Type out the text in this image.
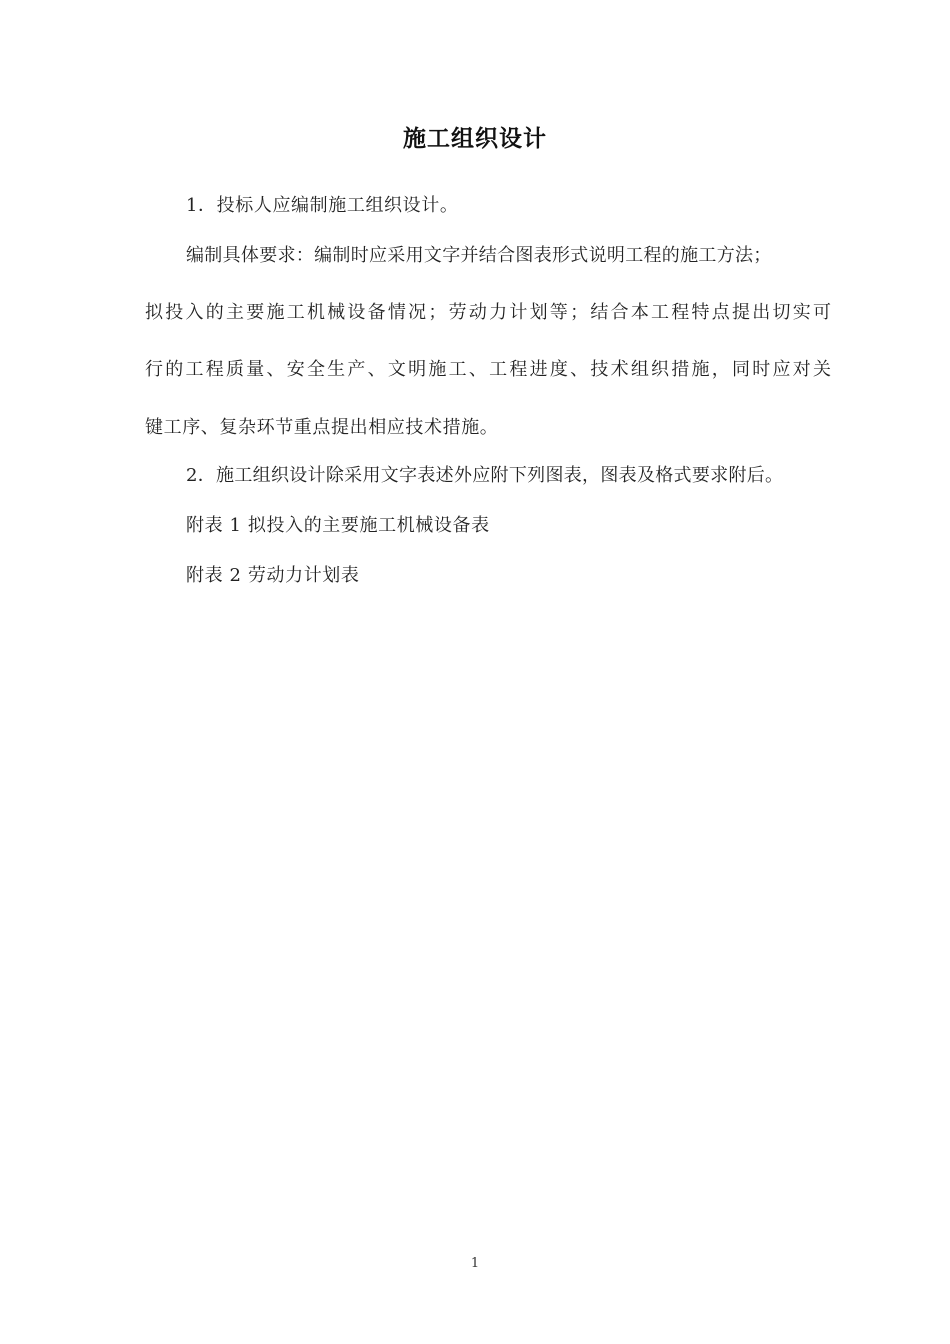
施工组织设计
1．投标人应编制施工组织设计。
编制具体要求：编制时应采用文字并结合图表形式说明工程的施工方法；
拟投入的主要施工机械设备情况；劳动力计划等；结合本工程特点提出切实可
行的工程质量、安全生产、文明施工、工程进度、技术组织措施，同时应对关
键工序、复杂环节重点提出相应技术措施。
2．施工组织设计除采用文字表述外应附下列图表，图表及格式要求附后。
附表 1 拟投入的主要施工机械设备表
附表 2 劳动力计划表
1
